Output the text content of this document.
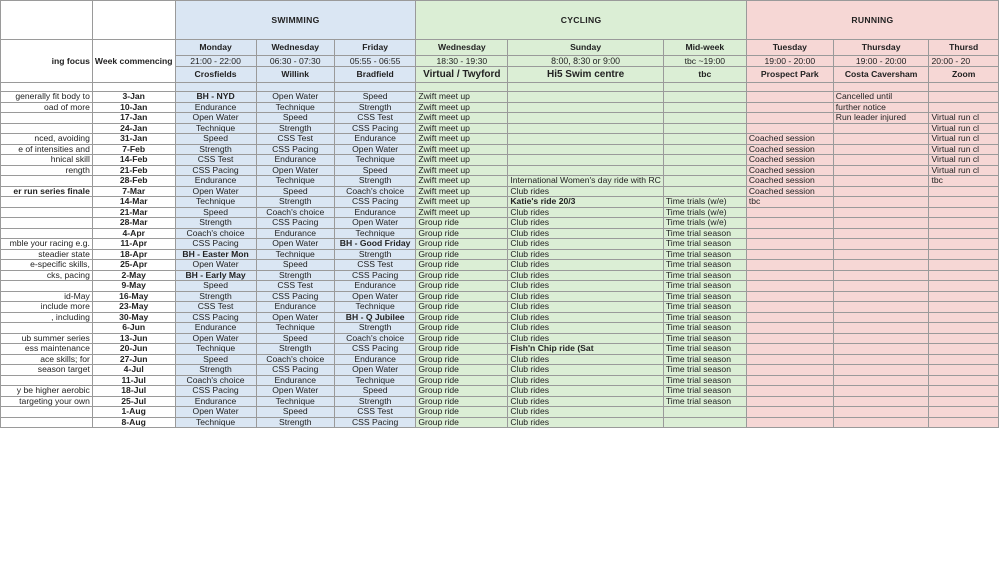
		SWIMMING			CYCLING			RUNNING		
ing focus	Week commencing	Monday	Wednesday	Friday	Wednesday	Sunday	Mid-week	Tuesday	Thursday	Thursd
		21:00 - 22:00	06:30 - 07:30	05:55 - 06:55	18:30 - 19:30	8:00, 8:30 or 9:00	tbc ~19:00	19:00 - 20:00	19:00 - 20:00	20:00 - 20
		Crosfields	Willink	Bradfield	Virtual / Twyford	Hi5 Swim centre	tbc	Prospect Park	Costa Caversham	Zoom

generally fit body to	3-Jan	BH - NYD	Open Water	Speed	Zwift meet up				Cancelled until	
oad of more	10-Jan	Endurance	Technique	Strength	Zwift meet up				further notice	
	17-Jan	Open Water	Speed	CSS Test	Zwift meet up				Run leader injured	Virtual run cl
	24-Jan	Technique	Strength	CSS Pacing	Zwift meet up					Virtual run cl
nced, avoiding	31-Jan	Speed	CSS Test	Endurance	Zwift meet up			Coached session		Virtual run cl
e of intensities and	7-Feb	Strength	CSS Pacing	Open Water	Zwift meet up			Coached session		Virtual run cl
hnical skill	14-Feb	CSS Test	Endurance	Technique	Zwift meet up			Coached session		Virtual run cl
rength	21-Feb	CSS Pacing	Open Water	Speed	Zwift meet up			Coached session		Virtual run cl
	28-Feb	Endurance	Technique	Strength	Zwift meet up	International Women's day ride with RC		Coached session		tbc
er run series finale	7-Mar	Open Water	Speed	Coach's choice	Zwift meet up	Club rides		Coached session		
	14-Mar	Technique	Strength	CSS Pacing	Zwift meet up	Katie's ride 20/3	Time trials (w/e)	tbc		
	21-Mar	Speed	Coach's choice	Endurance	Zwift meet up	Club rides	Time trials (w/e)			
	28-Mar	Strength	CSS Pacing	Open Water	Group ride	Club rides	Time trials (w/e)			
	4-Apr	Coach's choice	Endurance	Technique	Group ride	Club rides	Time trial season			
mble your racing e.g.	11-Apr	CSS Pacing	Open Water	BH - Good Friday	Group ride	Club rides	Time trial season			
steadier state	18-Apr	BH - Easter Mon	Technique	Strength	Group ride	Club rides	Time trial season			
e-specific skills,	25-Apr	Open Water	Speed	CSS Test	Group ride	Club rides	Time trial season			
cks, pacing	2-May	BH - Early May	Strength	CSS Pacing	Group ride	Club rides	Time trial season			
	9-May	Speed	CSS Test	Endurance	Group ride	Club rides	Time trial season			
id-May	16-May	Strength	CSS Pacing	Open Water	Group ride	Club rides	Time trial season			
include more	23-May	CSS Test	Endurance	Technique	Group ride	Club rides	Time trial season			
, including	30-May	CSS Pacing	Open Water	BH - Q Jubilee	Group ride	Club rides	Time trial season			
	6-Jun	Endurance	Technique	Strength	Group ride	Club rides	Time trial season			
ub summer series	13-Jun	Open Water	Speed	Coach's choice	Group ride	Club rides	Time trial season			
ess maintenance	20-Jun	Technique	Strength	CSS Pacing	Group ride	Fish'n Chip ride (Sat	Time trial season			
ace skills; for	27-Jun	Speed	Coach's choice	Endurance	Group ride	Club rides	Time trial season			
season target	4-Jul	Strength	CSS Pacing	Open Water	Group ride	Club rides	Time trial season			
	11-Jul	Coach's choice	Endurance	Technique	Group ride	Club rides	Time trial season			
y be higher aerobic	18-Jul	CSS Pacing	Open Water	Speed	Group ride	Club rides	Time trial season			
targeting your own	25-Jul	Endurance	Technique	Strength	Group ride	Club rides	Time trial season			
	1-Aug	Open Water	Speed	CSS Test	Group ride	Club rides				
	8-Aug	Technique	Strength	CSS Pacing	Group ride	Club rides				
